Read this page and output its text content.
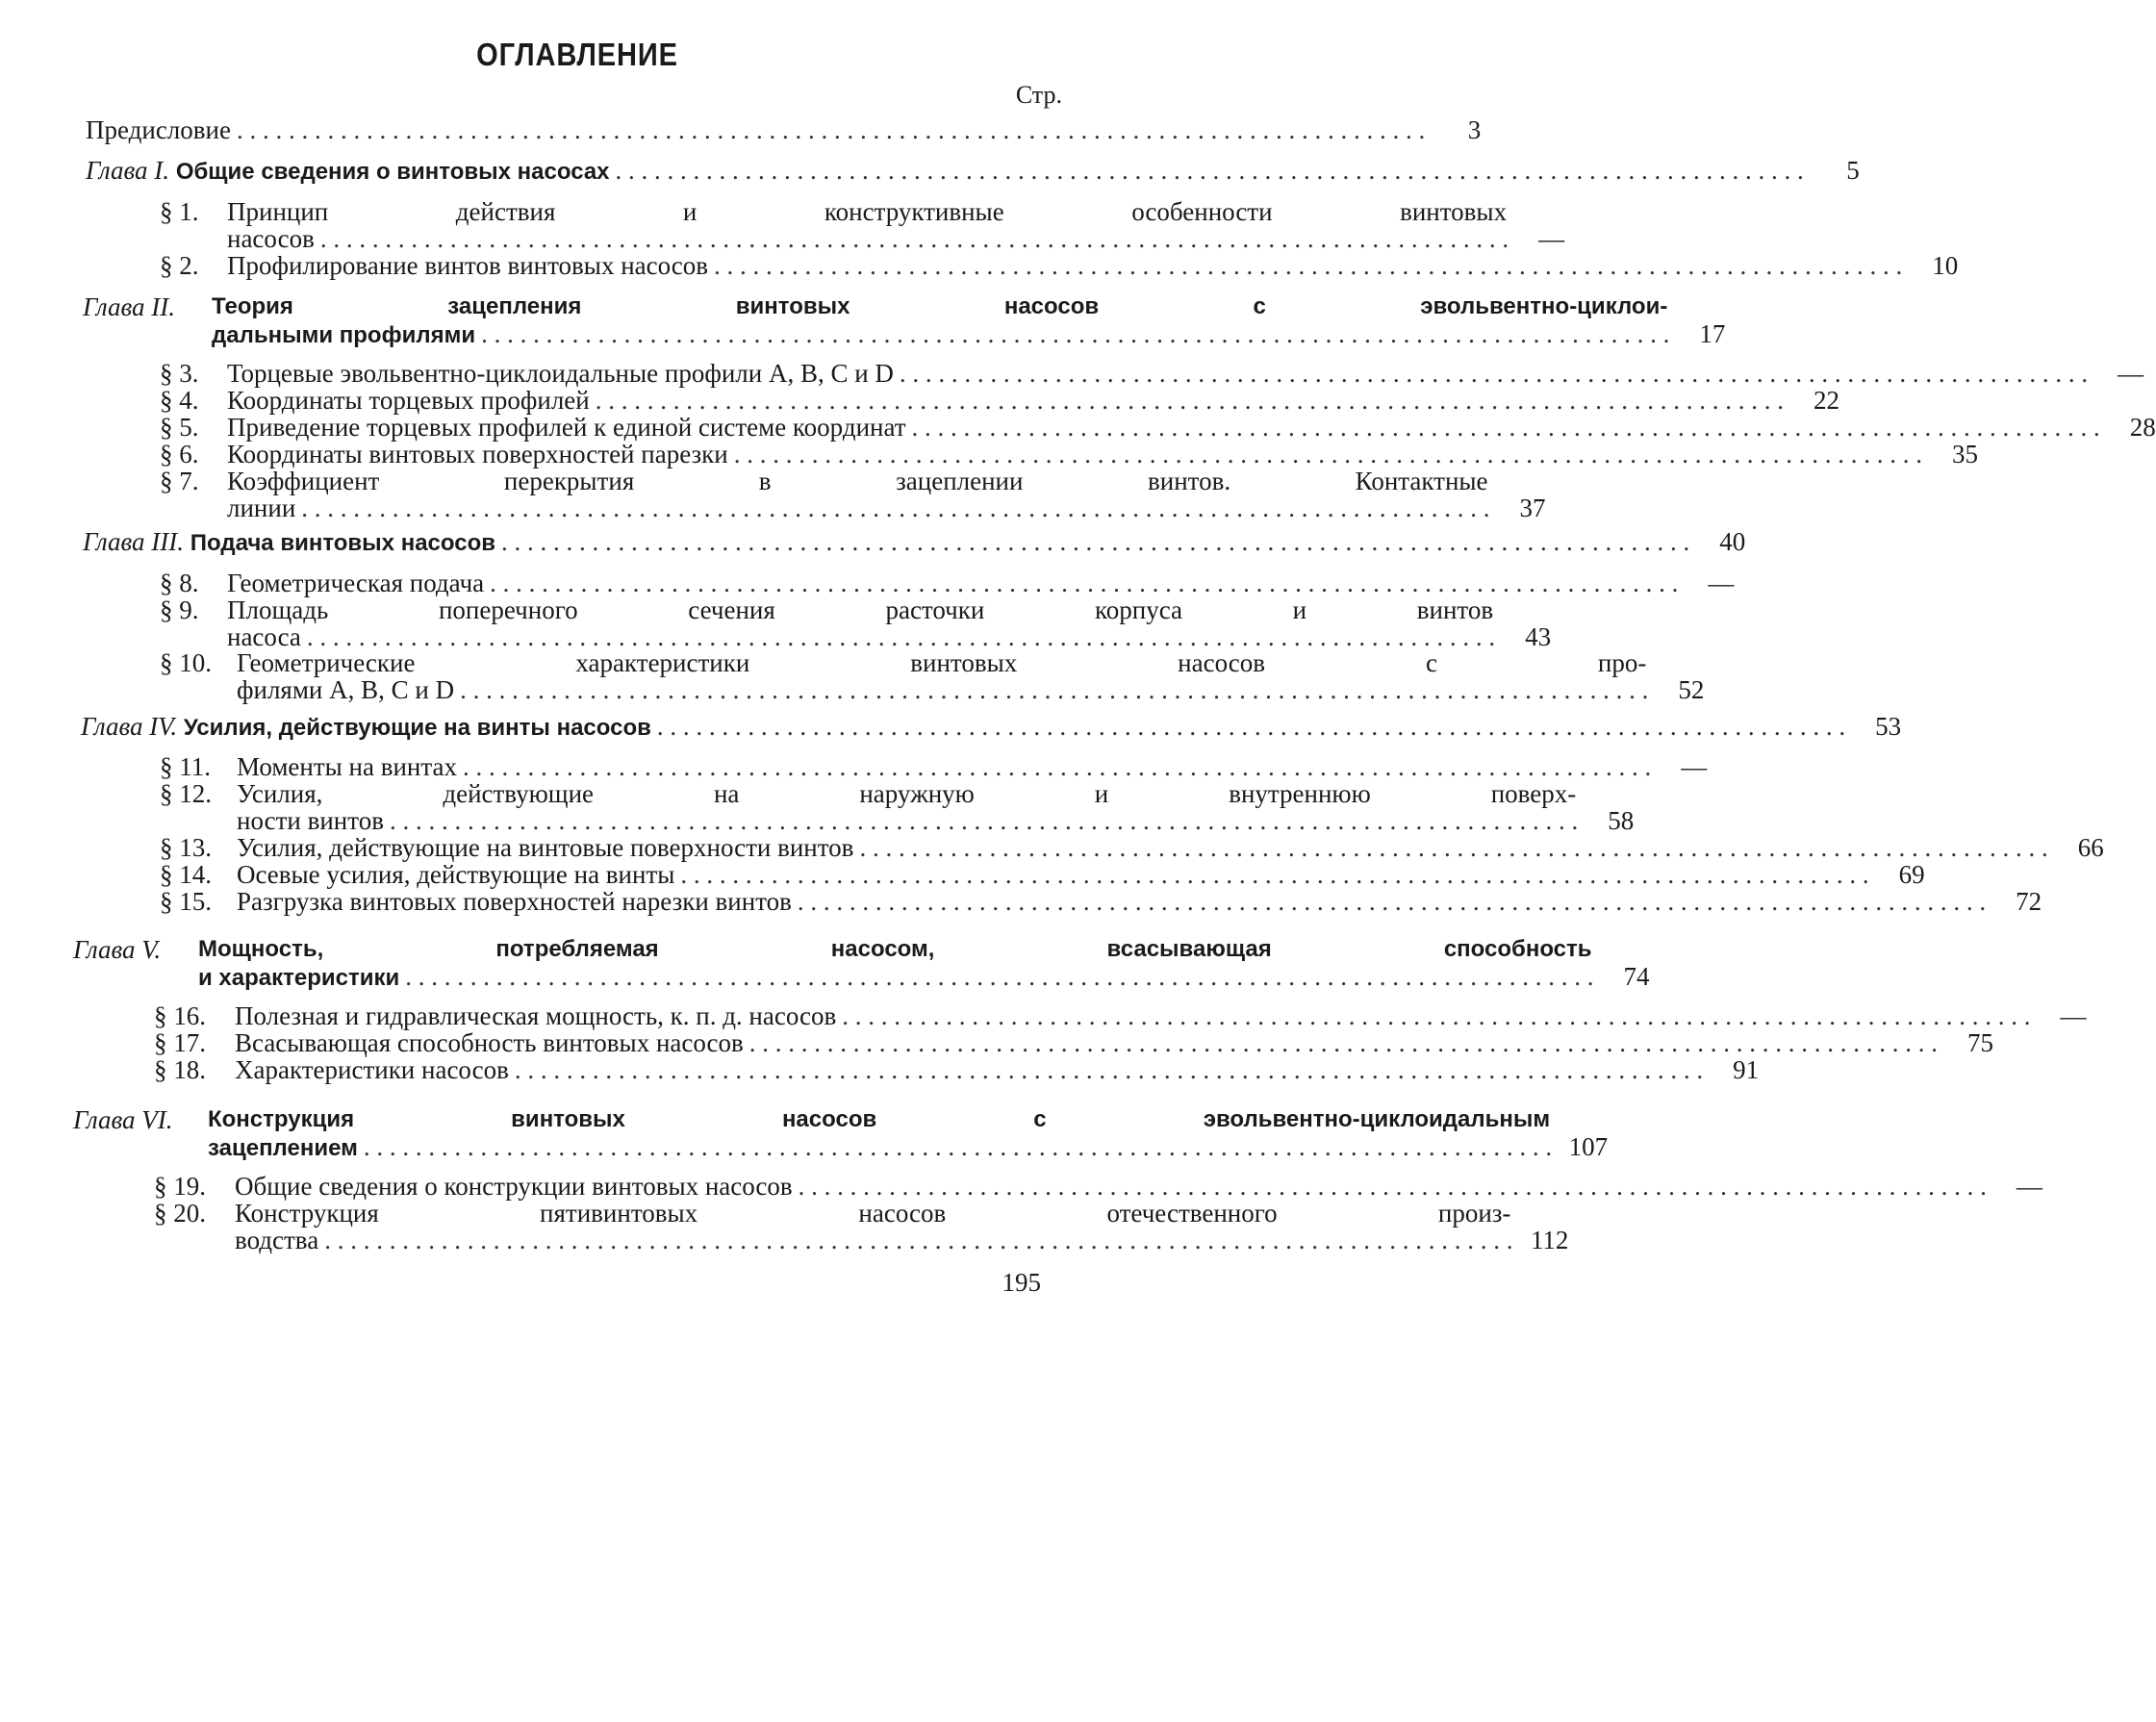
ОГЛАВЛЕНИЕ
Стр.
Предисловие
. . .	3
Глава I. Общие сведения о винтовых насосах
. . .	5
§ 1.	Принцип действия и конструктивные особенности винтовых
насосов
. . .	—
§ 2.	Профилирование винтов винтовых насосов
. . .	10
Глава II.	Теория зацепления винтовых насосов с эвольвентно-циклои-
дальными профилями
. . .	17
§ 3.	Торцевые эвольвентно-циклоидальные профили A, B, C и D
. . .	—
§ 4.	Координаты торцевых профилей
. . .	22
§ 5.	Приведение торцевых профилей к единой системе координат
. . .	28
§ 6.	Координаты винтовых поверхностей парезки
. . .	35
§ 7.	Коэффициент перекрытия в зацеплении винтов. Контактные
линии
. . .	37
Глава III. Подача винтовых насосов
. . .	40
§ 8.	Геометрическая подача
. . .	—
§ 9.	Площадь поперечного сечения расточки корпуса и винтов
насоса
. . .	43
§ 10. Геометрические характеристики винтовых насосов с про-
филями A, B, C и D
. . .	52
Глава IV. Усилия, действующие на винты насосов
. . .	53
§ 11.	Моменты на винтах
. . .	—
§ 12. Усилия, действующие на наружную и внутреннюю поверх-
ности винтов
. . .	58
§ 13. Усилия, действующие на винтовые поверхности винтов
. . .	66
§ 14. Осевые усилия, действующие на винты
. . .	69
§ 15. Разгрузка винтовых поверхностей нарезки винтов
. . .	72
Глава V.	Мощность, потребляемая насосом, всасывающая способность
и характеристики
. . .	74
§ 16.	Полезная и гидравлическая мощность, к. п. д. насосов
. . .	—
§ 17.	Всасывающая способность винтовых насосов
. . .	75
§ 18.	Характеристики насосов
. . .	91
Глава VI.	Конструкция винтовых насосов с эвольвентно-циклоидальным
зацеплением
. . .	107
§ 19.	Общие сведения о конструкции винтовых насосов
. . .	—
§ 20.	Конструкция пятивинтовых насосов отечественного произ-
водства
. . .	112
195
